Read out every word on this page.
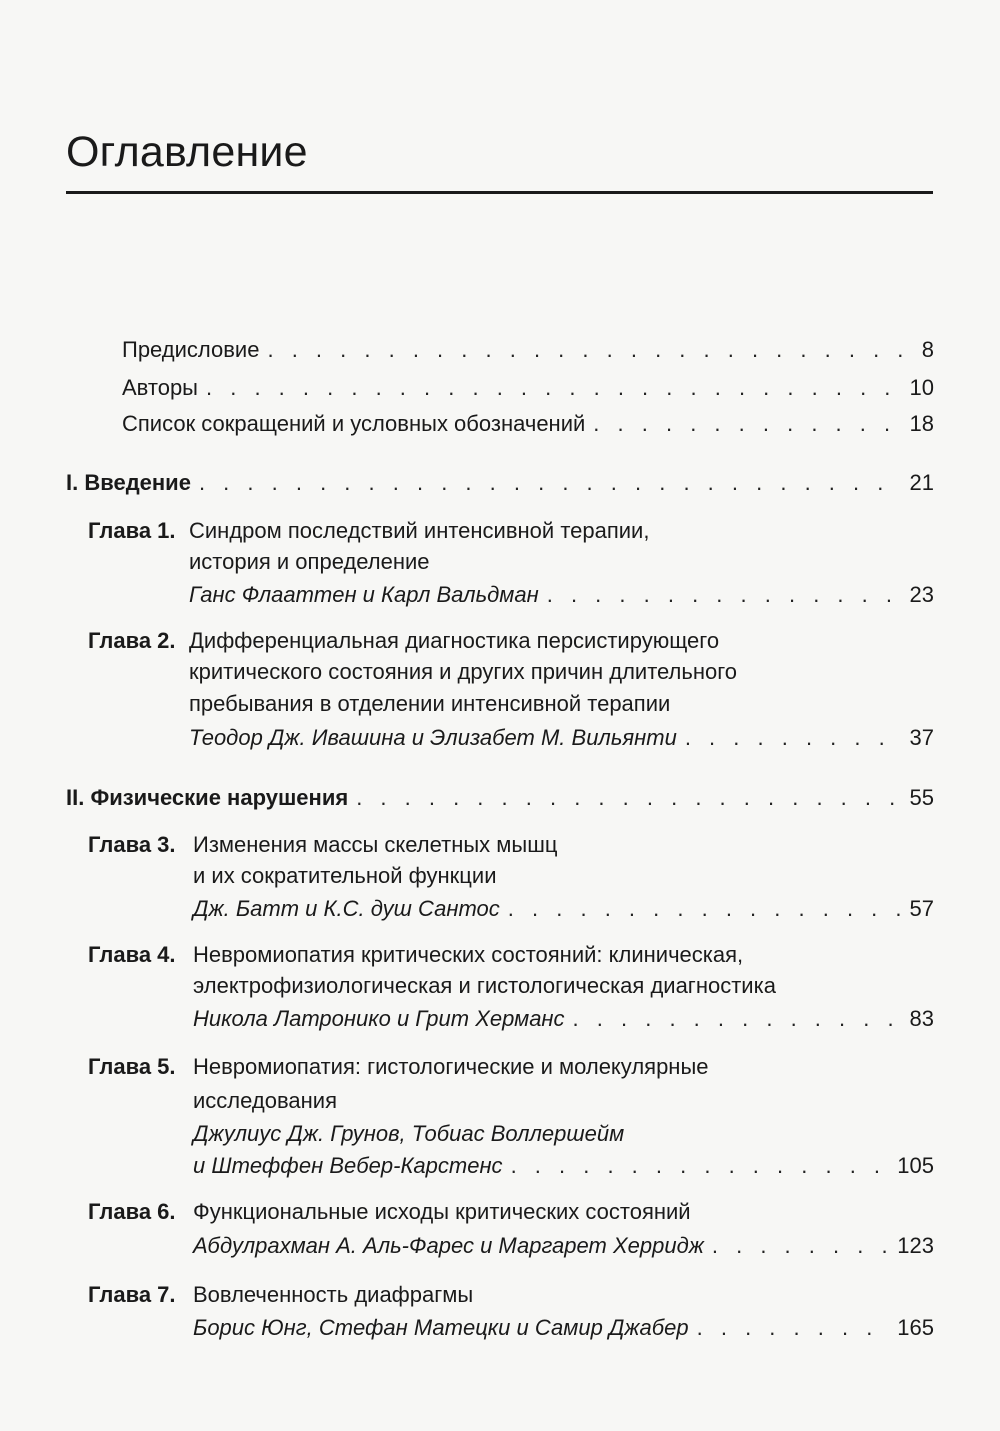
Оглавление
Предисловие . . .	8
Авторы . . .	10
Список сокращений и условных обозначений . . .	18
I. Введение . . .	21
Глава 1. Синдром последствий интенсивной терапии,
история и определение
Ганс Флааттен и Карл Вальдман . . .	23
Глава 2. Дифференциальная диагностика персистирующего
критического состояния и других причин длительного
пребывания в отделении интенсивной терапии
Теодор Дж. Ивашина и Элизабет М. Вильянти . . .	37
II. Физические нарушения . . .	55
Глава 3. Изменения массы скелетных мышц
и их сократительной функции
Дж. Батт и К.С. душ Сантос . . .	57
Глава 4. Невромиопатия критических состояний: клиническая,
электрофизиологическая и гистологическая диагностика
Никола Латронико и Грит Херманс . . .	83
Глава 5. Невромиопатия: гистологические и молекулярные
исследования
Джулиус Дж. Грунов, Тобиас Воллершейм
и Штеффен Вебер-Карстенс . . .	105
Глава 6. Функциональные исходы критических состояний
Абдулрахман А. Аль-Фарес и Маргарет Херридж . . .	123
Глава 7. Вовлеченность диафрагмы
Борис Юнг, Стефан Матецки и Самир Джабер . . .	165
